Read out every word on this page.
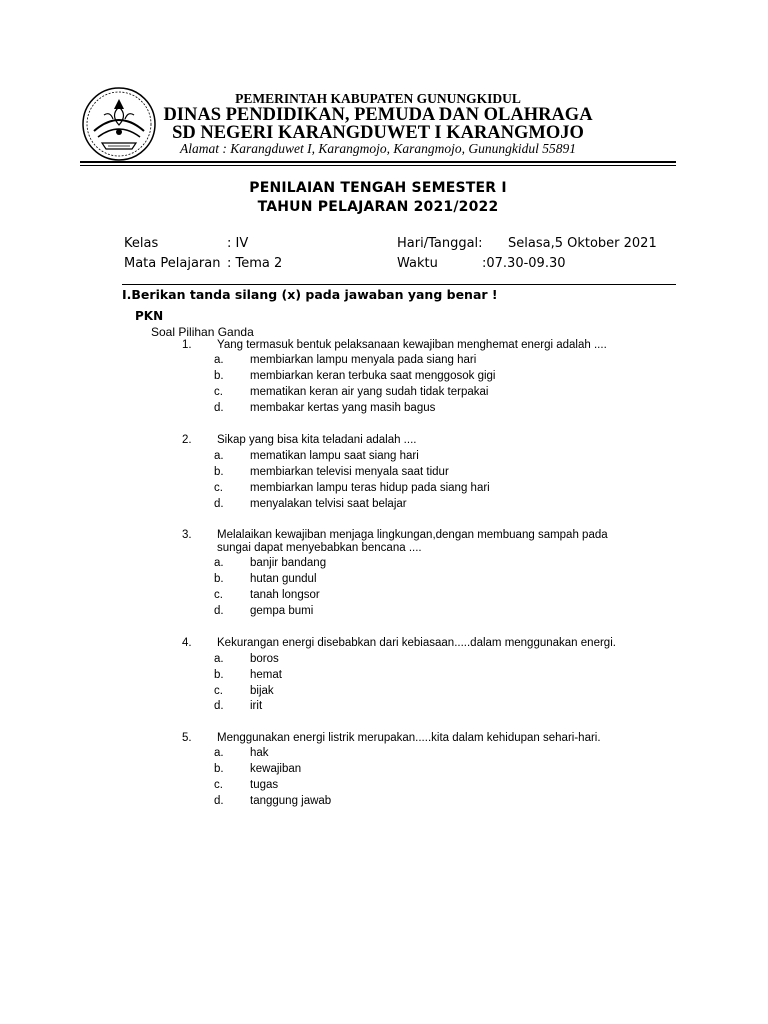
PEMERINTAH KABUPATEN GUNUNGKIDUL
DINAS PENDIDIKAN, PEMUDA DAN OLAHRAGA
SD NEGERI KARANGDUWET I KARANGMOJO
Alamat : Karangduwet I, Karangmojo, Karangmojo, Gunungkidul 55891
PENILAIAN TENGAH SEMESTER I
TAHUN PELAJARAN 2021/2022
Kelas	: IV
Mata Pelajaran : Tema 2
Hari/Tanggal: Selasa,5 Oktober 2021
Waktu	:07.30-09.30
I.Berikan tanda silang (x) pada jawaban yang benar !
PKN
Soal Pilihan Ganda
1. Yang termasuk bentuk pelaksanaan kewajiban menghemat energi adalah ....
a. membiarkan lampu menyala pada siang hari
b. membiarkan keran terbuka saat menggosok gigi
c. mematikan keran air yang sudah tidak terpakai
d. membakar kertas yang masih bagus
2. Sikap yang bisa kita teladani adalah ....
a. mematikan lampu saat siang hari
b. membiarkan televisi menyala saat tidur
c. membiarkan lampu teras hidup pada siang hari
d. menyalakan telvisi saat belajar
3. Melalaikan kewajiban menjaga lingkungan,dengan membuang sampah pada
sungai dapat menyebabkan bencana ....
a. banjir bandang
b. hutan gundul
c. tanah longsor
d. gempa bumi
4. Kekurangan energi disebabkan dari kebiasaan.....dalam menggunakan energi.
a. boros
b. hemat
c. bijak
d. irit
5. Menggunakan energi listrik merupakan.....kita dalam kehidupan sehari-hari.
a. hak
b. kewajiban
c. tugas
d. tanggung jawab
